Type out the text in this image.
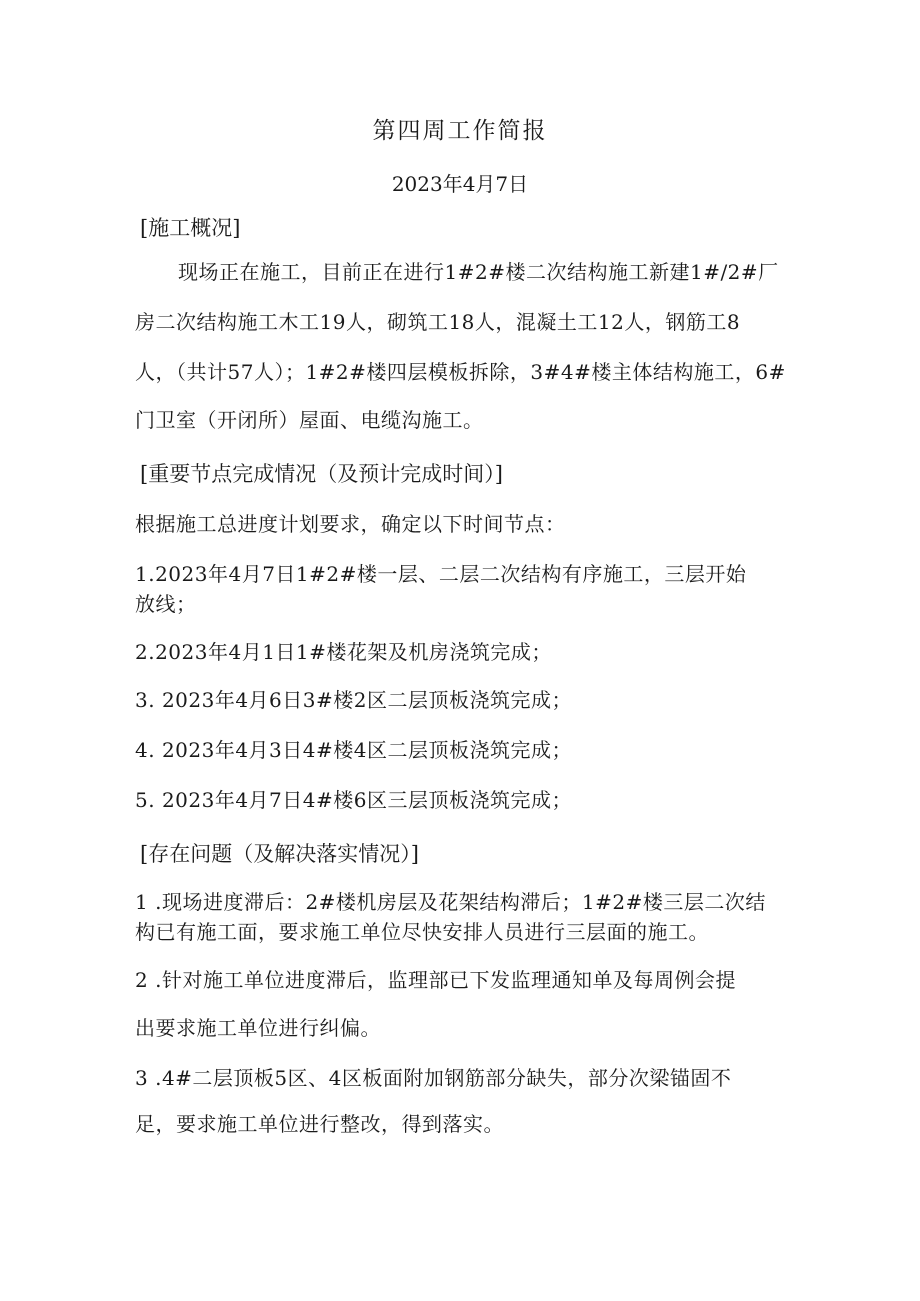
第四周工作简报
2023年4月7日
[施工概况]
现场正在施工，目前正在进行1#2#楼二次结构施工新建1#/2#厂
房二次结构施工木工19人，砌筑工18人，混凝土工12人，钢筋工8
人，（共计57人）；1#2#楼四层模板拆除，3#4#楼主体结构施工，6#
门卫室（开闭所）屋面、电缆沟施工。
[重要节点完成情况（及预计完成时间）]
根据施工总进度计划要求，确定以下时间节点：
1.2023年4月7日1#2#楼一层、二层二次结构有序施工，三层开始
放线；
2.2023年4月1日1#楼花架及机房浇筑完成；
3. 2023年4月6日3#楼2区二层顶板浇筑完成；
4. 2023年4月3日4#楼4区二层顶板浇筑完成；
5. 2023年4月7日4#楼6区三层顶板浇筑完成；
[存在问题（及解决落实情况）]
1 .现场进度滞后：2#楼机房层及花架结构滞后；1#2#楼三层二次结
构已有施工面，要求施工单位尽快安排人员进行三层面的施工。
2 .针对施工单位进度滞后，监理部已下发监理通知单及每周例会提
出要求施工单位进行纠偏。
3 .4#二层顶板5区、4区板面附加钢筋部分缺失，部分次梁锚固不
足，要求施工单位进行整改，得到落实。
